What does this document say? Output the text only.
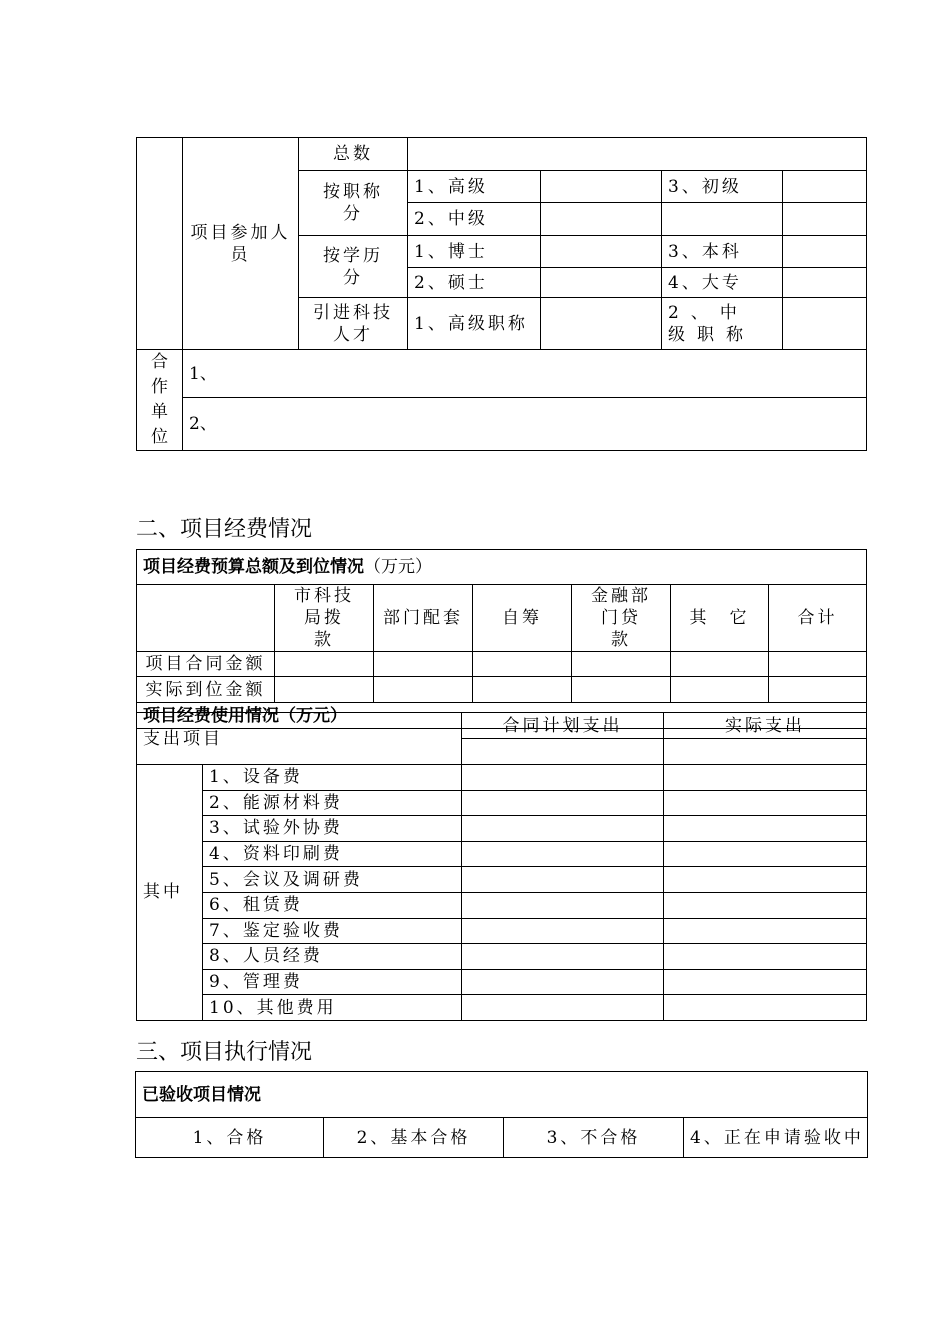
	项目参加人　　员	总数				
		按职称分	1、高级		3、初级	
			2、中级			
		按学历分	1、博士		3、本科	
			2、硕士		4、大专	
		引进科技人才	1、高级职称		2、中级职称	
合作单位	1、					
	2、					
二、项目经费情况
项目经费预算总额及到位情况（万元）						
	市科技局拨　　款	部门配套	自筹	金融部门贷　　款	其　它	合计
项目合同金额						
实际到位金额						
项目经费使用情况（万元）						
支出项目		合同计划支出	实际支出

其中	1、设备费		
	2、能源材料费		
	3、试验外协费		
	4、资料印刷费		
	5、会议及调研费		
	6、租赁费		
	7、鉴定验收费		
	8、人员经费		
	9、管理费		
	10、其他费用		
三、项目执行情况
已验收项目情况
1、合格	2、基本合格	3、不合格	4、正在申请验收中
